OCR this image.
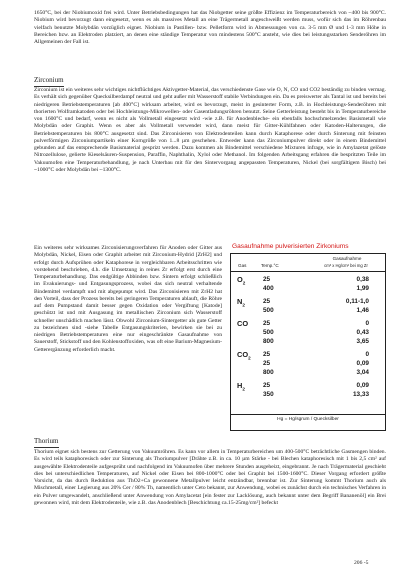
1650°C, bei der Niobiumoxid frei wird. Unter Betriebsbedingungen hat das Niobgetter seine größte Effizienz im Temperaturbereich von ~400 bis 900°C. Niobium wird bevorzugt dann eingesetzt, wenn es als massives Metall an eine Trägermetall angeschweißt werden muss, wofür sich das im Röhrenbau vielfach benutzte Molybdän vorzüglich eignet. Niobium in Pastillen- bzw. Pelletform wird in Abmessungen von ca. 3-5 mm Ø und 1-3 mm Höhe in Bereichen bzw. an Elektroden platziert, an denen eine ständige Temperatur von mindestens 500°C ansteht, wie dies bei leistungsstarken Senderöhren im Allgemeinen der Fall ist.

Zirconium

Zirconium ist ein weiteres sehr wichtiges nichtflüchtiges Aktivgetter-Material, das verschiedenste Gase wie O, N, CO und CO2 beständig zu binden vermag. Es verhält sich gegenüber Quecksilberdampf neutral und geht außer mit Wasserstoff stabile Verbindungen ein. Da es preiswerter als Tantal ist und bereits bei niedrigeren Betriebstemperaturen [ab 400°C] wirksam arbeitet, wird es bevorzugt, meist in gesinterter Form, z.B. in Hochleistungs-Senderöhren mit thorierten Wolframkatoden oder bei Hochleistungs-Mikrowellen- oder Gasentladungsröhren benutzt. Seine Getterleistung besteht bis in Temperaturbereiche von 1600°C und bedarf, wenn es nicht als Vollmetall eingesetzt wird -wie z.B. für Anodenbleche- ein ebenfalls hochschmelzendes Basismetall wie Molybdän oder Graphit. Wenn es aber als Vollmetall verwendet wird, dann meist für Gitter-Kühlfahnen oder Katoden-Halterungen, die Betriebstemperaturen bis 800°C ausgesetzt sind. Das Zirconisieren von Elektrodenteilen kann durch Kataphorese oder durch Sinterung mit feinsten pulverförmigen Zirconiumpartikeln einer Korngröße von 1...8 µm geschehen. Entweder kann das Zirconiumpulver direkt oder in einem Bindemittel gebunden auf das entsprechende Basismaterial gesprizt werden. Dazu kommen als Bindemittel verschiedene Mixturen infrage, wie in Amylazetat gelöste Nitrozellulose, gelierte Kieselsäuren-Suspension, Paraffin, Naphthalin, Xylol oder Methanol. Im folgenden Arbeitsgang erfahren die bespritzten Teile im Vakuumofen eine Temperaturbehandlung, je nach Unterbau mit für den Sintervorgang angepassten Temperaturen, Nickel (bei sorgfältigem Bisch) bei ~1000°C oder Molybdän bei ~1300°C.

Ein weiteres sehr wirksames Zirconisierungsverfahren für Anoden oder Gitter aus Molybdän, Nickel, Eisen oder Graphit arbeitet mit Zirconium-Hydrid [ZrH2] und erfolgt durch Aufsprühen oder Kataphorese in vergleichbaren Arbeitsschritten wie vorstehend beschrieben, d.h. die Umsetzung in reines Zr erfolgt erst durch eine Temperaturbehandlung. Das endgültige Abbinden bzw. Sintern erfolgt schließlich im Evakuierungs- und Entgasungsprozess, wobei das sich neutral verhaltende Bindemittel verdampft und mit abgepumpt wird. Das Zirconisieren mit ZrH2 hat den Vorteil, dass der Prozess bereits bei geringeren Temperaturen ablauft, die Röhre auf dem Pumpstand damit besser gegen Oxidation oder Vergiftung [Katode] geschützt ist und mit Ausgasung im metallischen Zirconium sich Wasserstoff schneller unschädlich machen lässt. Obwohl Zirconium-Sintergetter als gute Getter zu bezeichnen sind -siehe Tabelle Entgasungskriterien, bewirken sie bei zu niedrigen Betriebstemperaturen eine nur eingeschränkte Gasaufnahme von Sauerstoff, Stickstoff und den Kohlenstoffoxiden, was oft eine Barium-Magnesium-Getterergänzung erforderlich macht.

Gasaufnahme pulverisierten Zirkoniums
Gas	Temp.°C
Gasaufnahme
cm³ x Hg/cm² bei mg Zr
$O_2$	25	0,38
400	1,99
$N_2$	25	0,11-1,0
500	1,46
CO 25	0
500	0,43
800	3,65
$CO_2$ 25	0
25	0,09
800	3,04
$H_2$	25	0,09
350	13,33
Hg = Hg/sgrum / Quecksilber

Thorium

Thorium eignet sich bestens zur Getterung von Vakuumröhren. Es kann vor allem in Temperaturbereichen um 400-500°C beträchtliche Gasmengen binden. Es wird teils kataphoresisch oder zur Sinterung als Thoriumpulver [Drähte z.B. in ca. 10 µm Stärke - bei Blechen kataphoresisch mit 1 bis 2,5 cm² auf ausgewählte Elektrodenteile aufgesprüht und nachfolgend im Vakuumofen über mehrere Stunden ausgeheizt, eingebrannt. Je nach Trägermaterial geschieht dies bei unterschiedlichen Temperaturen, auf Nickel oder Eisen bei 800-1000°C oder bei Graphit bei 1500-1600°C. Dieser Vorgang erfordert größte Vorsicht, da das durch Reduktion aus ThO2+Ca gewonnene Metallpulver leicht entzündbar, brennbar ist. Zur Sinterung kommt Thorium auch als Mischmetall, einer Legierung aus 20% Cer / 80% Th, namentlich unter Ceto bekannt, zur Anwendung, wobei es zunächst durch ein technisches Verfahren in ein Pulver umgewandelt, anschließend unter Anwendung von Amylacetat [ein fester zur Lacklösung, auch bekannt unter dem Begriff Bananenöl] ein Brei gewonnen wird, mit dem Elektrodenteile, wie z.B. das Anodenblech [Beschichtung ca.15-25mg/cm²] befeckt

206 -5
